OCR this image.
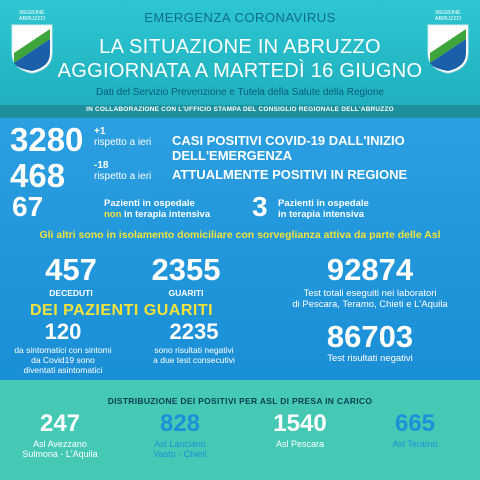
EMERGENZA CORONAVIRUS
REGIONE
ABRUZZO
REGIONE
ABRUZZO
LA SITUAZIONE IN ABRUZZO
AGGIORNATA A MARTEDÌ 16 GIUGNO
Dati del Servizio Prevenzione e Tutela della Salute della Regione
IN COLLABORAZIONE CON L'UFFICIO STAMPA DEL CONSIGLIO REGIONALE DELL'ABRUZZO
3280 +1
rispetto a ieri CASI POSITIVI COVID-19 DALL'INIZIO DELL'EMERGENZA
468	-18
rispetto a ieri ATTUALMENTE POSITIVI IN REGIONE
67	Pazienti in ospedale
non in terapia intensiva 3 Pazienti in ospedale
in terapia intensiva
Gli altri sono in isolamento domiciliare con sorveglianza attiva da parte delle Asl
457
DECEDUTI
2355
GUARITI
DEI PAZIENTI GUARITI
120
da sintomatici con sintomi
da Covid19 sono
diventati asintomatici
2235
sono risultati negativi
a due test consecutivi
92874
Test totali eseguiti nei laboratori
di Pescara, Teramo, Chieti e L'Aquila
86703
Test risultati negativi
DISTRIBUZIONE DEI POSITIVI PER ASL DI PRESA IN CARICO
247
Asl Avezzano
Sulmona - L'Aquila
828
Asl Lanciano
Vasto - Chieti
1540
Asl Pescara
665
Asl Teramo
